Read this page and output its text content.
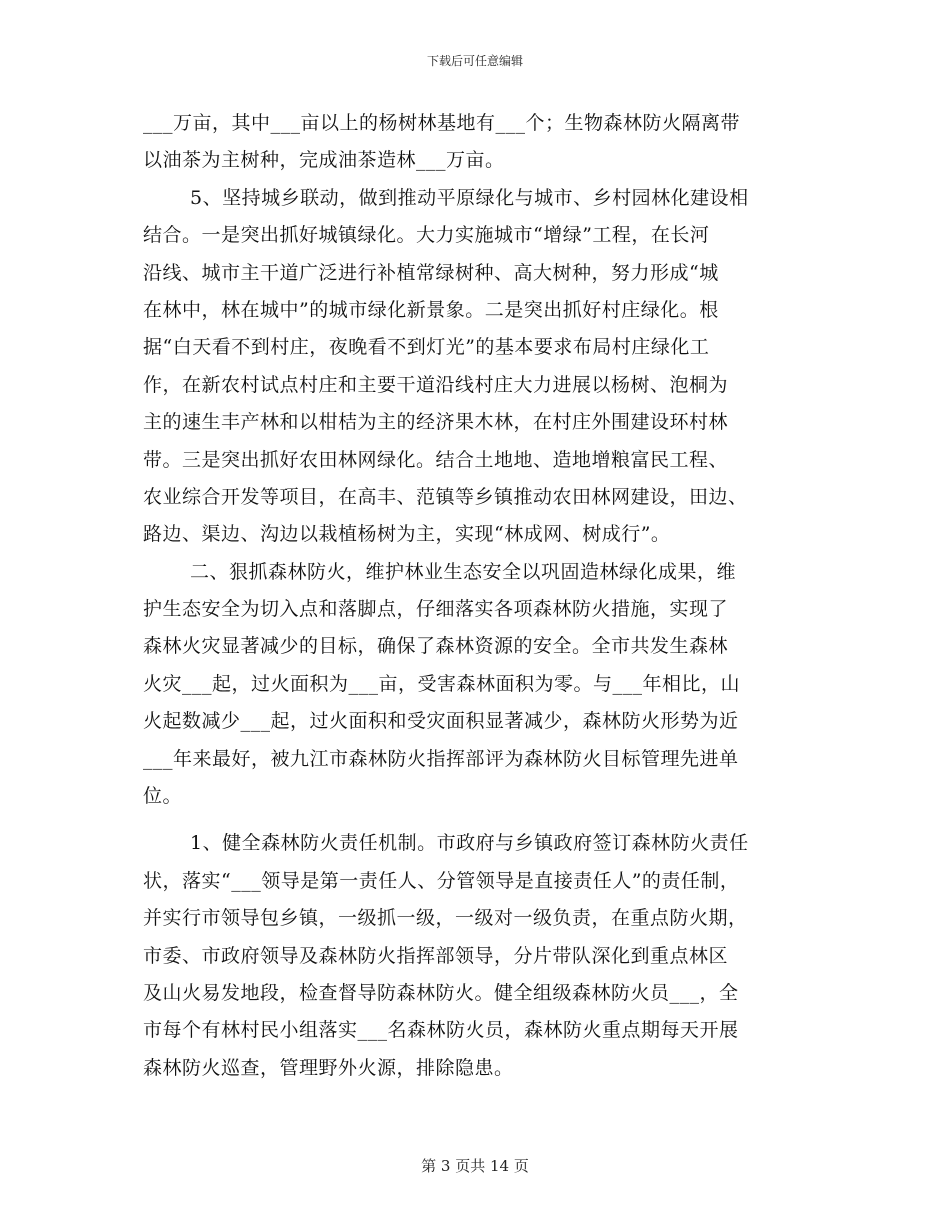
下载后可任意编辑
___万亩，其中___亩以上的杨树林基地有___个；生物森林防火隔离带
以油茶为主树种，完成油茶造林___万亩。
5、坚持城乡联动，做到推动平原绿化与城市、乡村园林化建设相
结合。一是突出抓好城镇绿化。大力实施城市“增绿”工程，在长河
沿线、城市主干道广泛进行补植常绿树种、高大树种，努力形成“城
在林中，林在城中”的城市绿化新景象。二是突出抓好村庄绿化。根
据“白天看不到村庄，夜晚看不到灯光”的基本要求布局村庄绿化工
作，在新农村试点村庄和主要干道沿线村庄大力进展以杨树、泡桐为
主的速生丰产林和以柑桔为主的经济果木林，在村庄外围建设环村林
带。三是突出抓好农田林网绿化。结合土地地、造地增粮富民工程、
农业综合开发等项目，在高丰、范镇等乡镇推动农田林网建设，田边、
路边、渠边、沟边以栽植杨树为主，实现“林成网、树成行”。
二、狠抓森林防火，维护林业生态安全以巩固造林绿化成果，维
护生态安全为切入点和落脚点，仔细落实各项森林防火措施，实现了
森林火灾显著减少的目标，确保了森林资源的安全。全市共发生森林
火灾___起，过火面积为___亩，受害森林面积为零。与___年相比，山
火起数减少___起，过火面积和受灾面积显著减少，森林防火形势为近
___年来最好，被九江市森林防火指挥部评为森林防火目标管理先进单
位。
1、健全森林防火责任机制。市政府与乡镇政府签订森林防火责任
状，落实“___领导是第一责任人、分管领导是直接责任人”的责任制，
并实行市领导包乡镇，一级抓一级，一级对一级负责，在重点防火期，
市委、市政府领导及森林防火指挥部领导，分片带队深化到重点林区
及山火易发地段，检查督导防森林防火。健全组级森林防火员___，全
市每个有林村民小组落实___名森林防火员，森林防火重点期每天开展
森林防火巡查，管理野外火源，排除隐患。
第 3 页共 14 页
